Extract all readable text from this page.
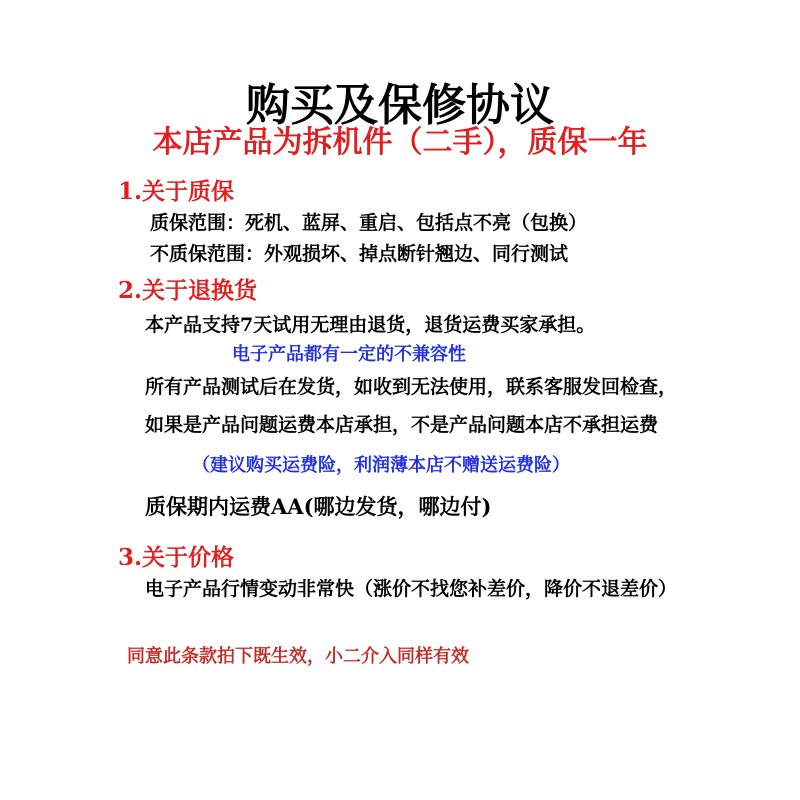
购买及保修协议
本店产品为拆机件（二手），质保一年
1.关于质保
质保范围：死机、蓝屏、重启、包括点不亮（包换）
不质保范围：外观损坏、掉点断针翘边、同行测试
2.关于退换货
本产品支持7天试用无理由退货，退货运费买家承担。
电子产品都有一定的不兼容性
所有产品测试后在发货，如收到无法使用，联系客服发回检查，
如果是产品问题运费本店承担，不是产品问题本店不承担运费
（建议购买运费险，利润薄本店不赠送运费险）
质保期内运费AA(哪边发货，哪边付)
3.关于价格
电子产品行情变动非常快（涨价不找您补差价，降价不退差价）
同意此条款拍下既生效，小二介入同样有效
